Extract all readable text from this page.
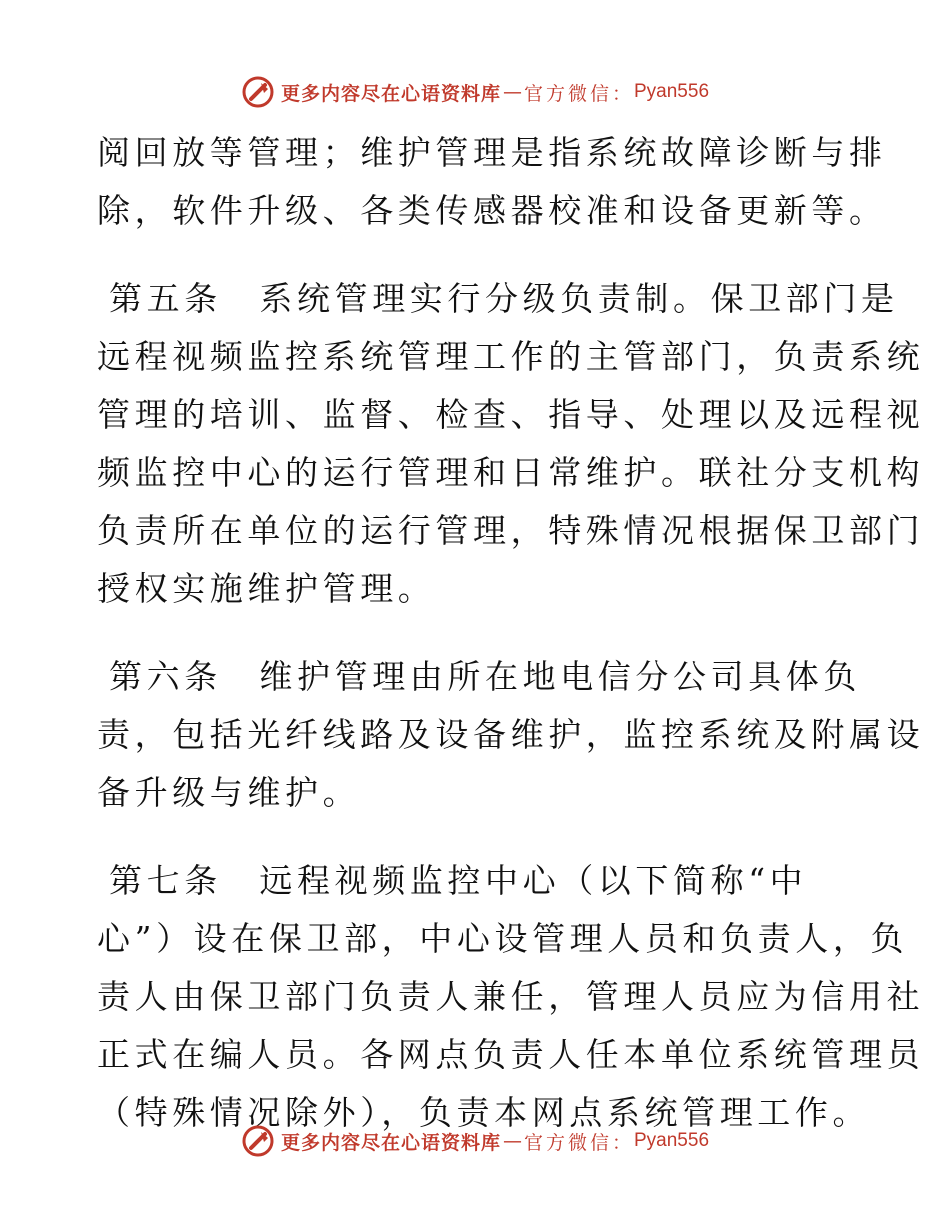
更多内容尽在心语资料库 — 官方微信： Pyan556
阅回放等管理；维护管理是指系统故障诊断与排
除，软件升级、各类传感器校准和设备更新等。
第五条　系统管理实行分级负责制。保卫部门是
远程视频监控系统管理工作的主管部门，负责系统
管理的培训、监督、检查、指导、处理以及远程视
频监控中心的运行管理和日常维护。联社分支机构
负责所在单位的运行管理，特殊情况根据保卫部门
授权实施维护管理。
第六条　维护管理由所在地电信分公司具体负
责，包括光纤线路及设备维护，监控系统及附属设
备升级与维护。
第七条　远程视频监控中心（以下简称“中
心”）设在保卫部，中心设管理人员和负责人，负
责人由保卫部门负责人兼任，管理人员应为信用社
正式在编人员。各网点负责人任本单位系统管理员
（特殊情况除外），负责本网点系统管理工作。
更多内容尽在心语资料库 — 官方微信： Pyan556
